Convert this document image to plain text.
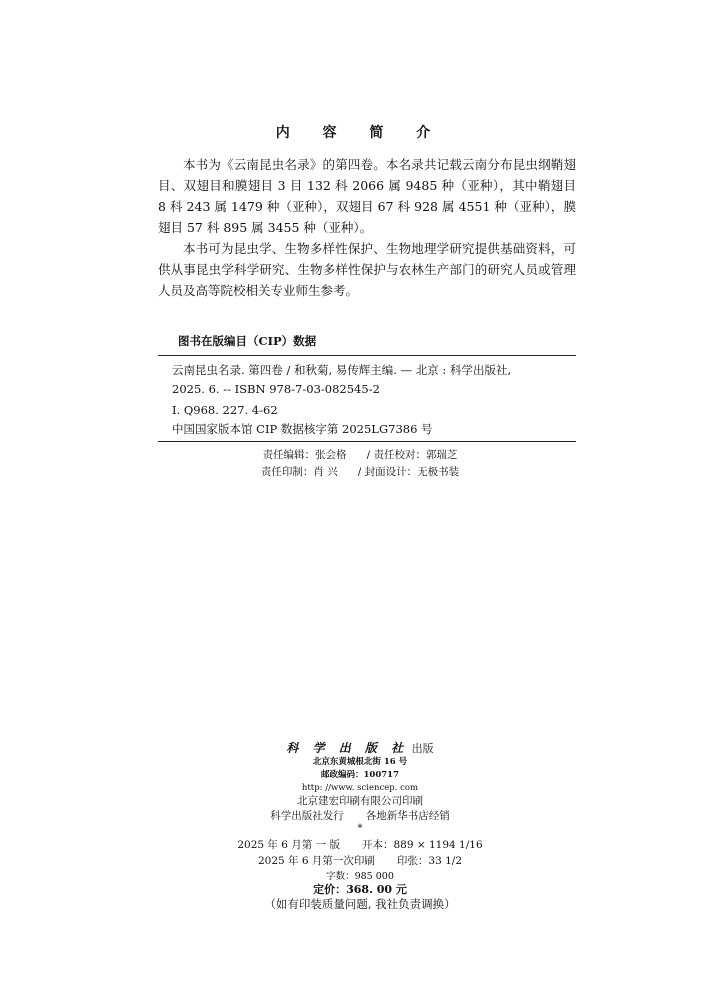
内 容 简 介
本书为《云南昆虫名录》的第四卷。本名录共记载云南分布昆虫纲鞘翅目、双翅目和膜翅目 3 目 132 科 2066 属 9485 种（亚种），其中鞘翅目 8 科 243 属 1479 种（亚种），双翅目 67 科 928 属 4551 种（亚种），膜翅目 57 科 895 属 3455 种（亚种）。
本书可为昆虫学、生物多样性保护、生物地理学研究提供基础资料，可供从事昆虫学科学研究、生物多样性保护与农林生产部门的研究人员或管理人员及高等院校相关专业师生参考。
图书在版编目（CIP）数据
云南昆虫名录. 第四卷 / 和秋菊, 易传辉主编. — 北京 : 科学出版社,
2025. 6. -- ISBN 978-7-03-082545-2
Ⅰ. Q968. 227. 4-62
中国国家版本馆 CIP 数据核字第 2025LG7386 号
责任编辑：张会格 / 责任校对：郭瑞芝
责任印制：肖 兴 / 封面设计：无极书装
科 学 出 版 社 出版
北京东黄城根北街 16 号
邮政编码：100717
http: //www. sciencep. com
北京建宏印刷有限公司印刷
科学出版社发行 各地新华书店经销
*
2025 年 6 月第 一 版 开本：889 × 1194 1/16
2025 年 6 月第一次印刷 印张：33 1/2
字数：985 000
定价：368. 00 元
（如有印装质量问题, 我社负责调换）
